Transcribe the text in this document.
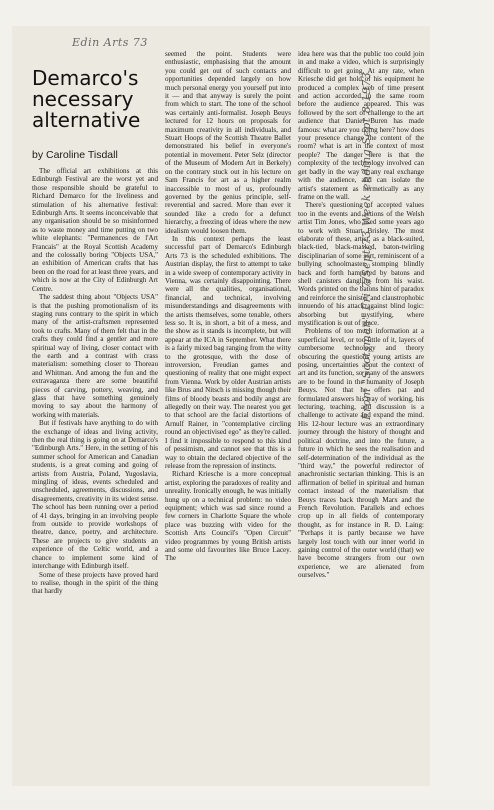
Edin Arts 73
Demarco's necessary alternative
by Caroline Tisdall

The official art exhibitions at this Edinburgh Festival are the worst yet and those responsible should be grateful to Richard Demarco for the liveliness and stimulation of his alternative festival: Edinburgh Arts. It seems inconceivable that any organisation should be so misinformed as to waste money and time putting on two white elephants: "Permanences de l'Art Francais" at the Royal Scottish Academy and the colossally boring "Objects USA," an exhibition of American crafts that has been on the road for at least three years, and which is now at the City of Edinburgh Art Centre.

The saddest thing about "Objects USA" is that the pushing promotionalism of its staging runs contrary to the spirit in which many of the artist-craftsmen represented took to crafts. Many of them felt that in the crafts they could find a gentler and more spiritual way of living, closer contact with the earth and a contrast with crass materialism: something closer to Thoreau and Whitman. And among the fun and the extravaganza there are some beautiful pieces of carving, pottery, weaving, and glass that have something genuinely moving to say about the harmony of working with materials.

But if festivals have anything to do with the exchange of ideas and living activity, then the real thing is going on at Demarco's "Edinburgh Arts." Here, in the setting of his summer school for American and Canadian students, is a great coming and going of artists from Austria, Poland, Yugoslavia, mingling of ideas, events scheduled and unscheduled, agreements, discussions, and disagreements, creativity in its widest sense. The school has been running over a period of 41 days, bringing in an involving people from outside to provide workshops of theatre, dance, poetry, and architecture. These are projects to give students an experience of the Celtic world, and a chance to implement some kind of interchange with Edinburgh itself.

Some of these projects have proved hard to realise, though in the spirit of the thing that hardly

seemed the point. Students were enthusiastic, emphasising that the amount you could get out of such contacts and opportunities depended largely on how much personal energy you yourself put into it — and that anyway is surely the point from which to start. The tone of the school was certainly anti-formalist. Joseph Beuys lectured for 12 hours on proposals for maximum creativity in all individuals, and Stuart Hoops of the Scottish Theatre Ballet demonstrated his belief in everyone's potential in movement. Peter Selz (director of the Museum of Modern Art in Berkely) on the contrary stuck out in his lecture on Sam Francis for art as a higher realm inaccessible to most of us, profoundly governed by the genius principle, self-reverential and sacred. More than ever it sounded like a credo for a defunct hierarchy, a freezing of ideas where the new idealism would loosen them.

In this context perhaps the least successful part of Demarco's Edinburgh Arts 73 is the scheduled exhibitions. The Austrian display, the first to attempt to take in a wide sweep of contemporary activity in Vienna, was certainly disappointing. There were all the qualities, organisational, financial, and technical, involving misunderstandings and disagreements with the artists themselves, some tenable, others less so. It is, in short, a bit of a mess, and the show as it stands is incomplete, but will appear at the ICA in September. What there is a fairly mixed bag ranging from the witty to the grotesque, with the dose of introversion, Freudian games and questioning of reality that one might expect from Vienna. Work by older Austrian artists like Brus and Nitsch is missing though their films of bloody beasts and bodily angst are allegedly on their way. The nearest you get to that school are the facial distortions of Arnulf Rainer, in "contemplative circling round an objectivised ego" as they're called. I find it impossible to respond to this kind of pessimism, and cannot see that this is a way to obtain the declared objective of the release from the repression of instincts.

Richard Kriesche is a more conceptual artist, exploring the paradoxes of reality and unreality. Ironically enough, he was initially hung up on a technical problem: no video equipment; which was sad since round a few corners in Charlotte Square the whole place was buzzing with video for the Scottish Arts Council's "Open Circuit" video programmes by young British artists and some old favourites like Bruce Lacey. The

idea here was that the public too could join in and make a video, which is surprisingly difficult to get going. At any rate, when Kriesche did get hold of his equipment he produced a complex web of time present and action accorded in the same room before the audience appeared. This was followed by the sort of challenge to the art audience that Daniel Buren has made famous: what are you doing here? how does your presence change the content of the room? what is art in the context of most people? The danger here is that the complexity of the technology involved can get badly in the way of any real exchange with the audience, and can isolate the artist's statement as hermetically as any frame on the wall.

There's questioning of accepted values too in the events and actions of the Welsh artist Tim Jones, who used some years ago to work with Stuart Brisley. The most elaborate of these, artist, as a black-suited, black-tied, black-masked, baton-twirling disciplinarian of some sort, reminiscent of a bullying schoolmaster, stomping blindly back and forth hampered by batons and shell canisters dangling from his waist. Words printed on the batons hint of paradox and reinforce the sinister and claustrophobic innuendo of his attack against blind logic: absorbing but mystifying, where mystification is out of place.

Problems of too much information at a superficial level, or too little of it, layers of cumbersome technology and theory obscuring the questions young artists are posing, uncertainties about the context of art and its function, so many of the answers are to be found in the humanity of Joseph Beuys. Not that he offers pat and formulated answers his way of working, his lecturing, teaching, and discussion is a challenge to activate and expand the mind. His 12-hour lecture was an extraordinary journey through the history of thought and political doctrine, and into the future, a future in which he sees the realisation and self-determination of the individual as the "third way," the powerful redirector of anachronistic sectarian thinking. This is an affirmation of belief in spiritual and human contact instead of the materialism that Beuys traces back through Marx and the French Revolution. Parallels and echoes crop up in all fields of contemporary thought, as for instance in R. D. Laing: "Perhaps it is partly because we have largely lost touch with our inner world in gaining control of the outer world (that) we have become strangers from our own experience, we are alienated from ourselves."

From "Scotsman" Fri 7/Sept/73 Week ending Sept 8 1973
